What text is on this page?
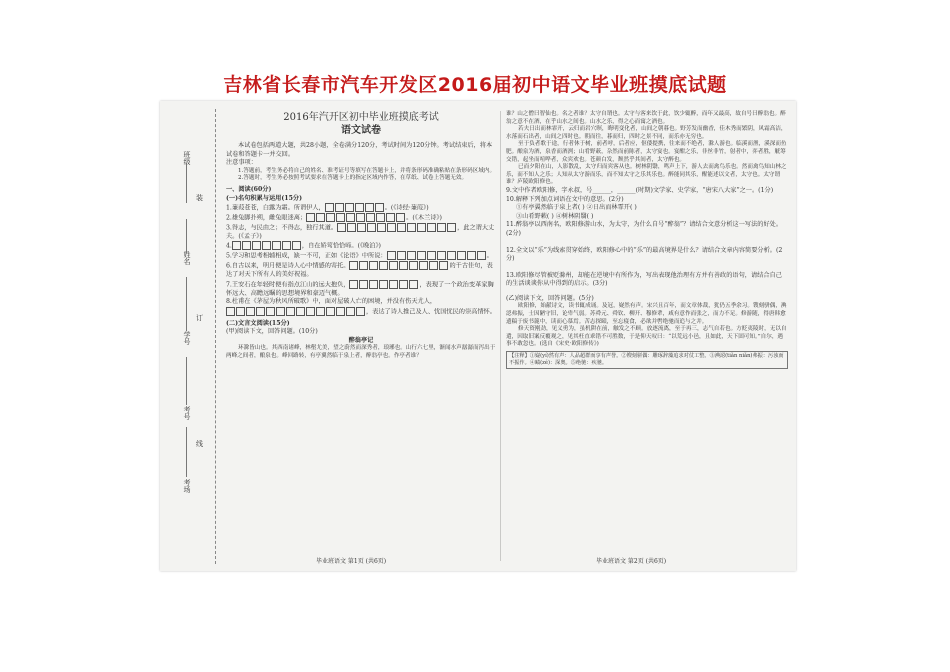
吉林省长春市汽车开发区2016届初中语文毕业班摸底试题
班级
姓名
学号
考号
考场
装
订
线
2016年汽开区初中毕业班摸底考试
语文试卷

本试卷包括两道大题，共28小题，全卷满分120分，考试时间为120分钟。考试结束后，将本试卷和答题卡一并交回。

注意事项：

1.答题前，考生务必将自己的姓名、准考证号等填写在答题卡上，并将条形码准确粘贴在条形码区域内。

2.答题时，考生务必按照考试要求在答题卡上的指定区域内作答，在草纸、试卷上答题无效。

一、阅读(60分)

(一)名句积累与运用(15分)

1.蒹葭苍苍，白露为霜。所谓伊人，	。(《诗经·蒹葭》)

2.雄兔脚扑朔，雌兔眼迷离；	。(《木兰诗》)

3.得志，与民由之；不得志，独行其道。	，此之谓大丈夫。(《孟子》)

4.	，自在娇莺恰恰啼。(《晚泊》)

5.学习和思考相辅相成，缺一不可，正如《论语》中所说：	。

6.自古以来，明月便是诗人心中情感的寄托。	的千古佳句，表达了对天下所有人的美好祝福。

7.王安石在年轻时便有指点江山的远大抱负，	，表现了一个政治变革家胸怀远大、高瞻远瞩的思想境界和豪迈气概。

8.杜甫在《茅屋为秋风所破歌》中，面对屋破人亡的困境，并没有伤天尤人，，表达了诗人推己及人、忧国忧民的崇高情怀。

(二)文言文阅读(15分)

(甲)阅读下文，回答问题。(10分)

醉翁亭记

环滁皆山也。其西南诸峰，林壑尤美，望之蔚然而深秀者，琅琊也。山行六七里，渐闻水声潺潺而泻出于两峰之间者，酿泉也。峰回路转，有亭翼然临于泉上者，醉翁亭也。作亭者谁？

毕业班语文 第1页 (共6页)

谁？山之僧曰智仙也。名之者谁？太守自谓也。太守与客来饮于此，饮少辄醉，而年又最高，故自号曰醉翁也。醉翁之意不在酒，在乎山水之间也。山水之乐，得之心而寓之酒也。

若夫日出而林霏开，云归而岩穴暝，晦明变化者，山间之朝暮也。野芳发而幽香，佳木秀而繁阴，风霜高洁，水落而石出者，山间之四时也。朝而往，暮而归，四时之景不同，而乐亦无穷也。

至于负者歌于途，行者休于树，前者呼，后者应，伛偻提携，往来而不绝者，滁人游也。临溪而渔，溪深而鱼肥。酿泉为酒，泉香而酒洌；山肴野蔌，杂然而前陈者，太守宴也。宴酣之乐，非丝非竹，射者中，弈者胜，觥筹交错，起坐而喧哗者，众宾欢也。苍颜白发，颓然乎其间者，太守醉也。

已而夕阳在山，人影散乱，太守归而宾客从也。树林阴翳，鸣声上下，游人去而禽鸟乐也。然而禽鸟知山林之乐，而不知人之乐；人知从太守游而乐，而不知太守之乐其乐也。醉能同其乐，醒能述以文者，太守也。太守谓谁？庐陵欧阳修也。

9.文中作者欧阳修，字永叔，号______，______(时期)文学家、史学家，“唐宋八大家”之一。(1分)

10.解释下列加点词语在文中的意思。(2分)

①有亭翼然临于泉上者( ) ②日出而林霏开( )

③山肴野蔌( ) ④树林阴翳( )

11.醉翁亭以西南名，欧阳修游山水，为太守，为什么自号“醉翁”？请结合文意分析这一写法的好处。(2分)

12.全文以“乐”为线索贯穿始终，欧阳修心中的“乐”的最高境界是什么？请结合文章内容简要分析。(2分)

13.欧阳修尽管被贬滁州，却能在逆境中有所作为，写出表现他治理有方并有善政的语句，请结合自己的生活谈谈你从中得到的启示。(3分)

(乙)阅读下文，回答问题。(5分)

欧阳修，始献诗文，读书辄成诵。及冠，嶷然有声。宋兴且百年，而文章体裁，犹仍五季余习。锼刻骈偶，淟涊弗振，士因陋守旧，论卑气弱。苏舜元、舜钦、柳开、穆修辈，咸有意作而张之，而力不足。修游随，得唐韩愈遗稿于废书簏中，读而心慕焉。苦志探赜，至忘寝食，必欲并辔绝驰而追与之并。

修天资刚劲，见义勇为，虽机阱在前，触发之不顾。放逐流离，至于再三，志气自若也。方贬夷陵时，无以自遣，因取旧案反覆观之，见其枉直乖错不可胜数，于是仰天叹曰：“以荒远小邑，且如此，天下固可知。”自尔，遇事不敢忽也。(选自《宋史·欧阳修传》)

【注释】①嶷(yí)然有声：人品超群而享有声誉。②锼刻骈偶：雕琢辞藻追求对仗工整。③淟涊(tiǎn niǎn)弗振：污浊而不振作。④赜(zé)：深奥。⑤绝驰：疾驰。

毕业班语文 第2页 (共6页)
